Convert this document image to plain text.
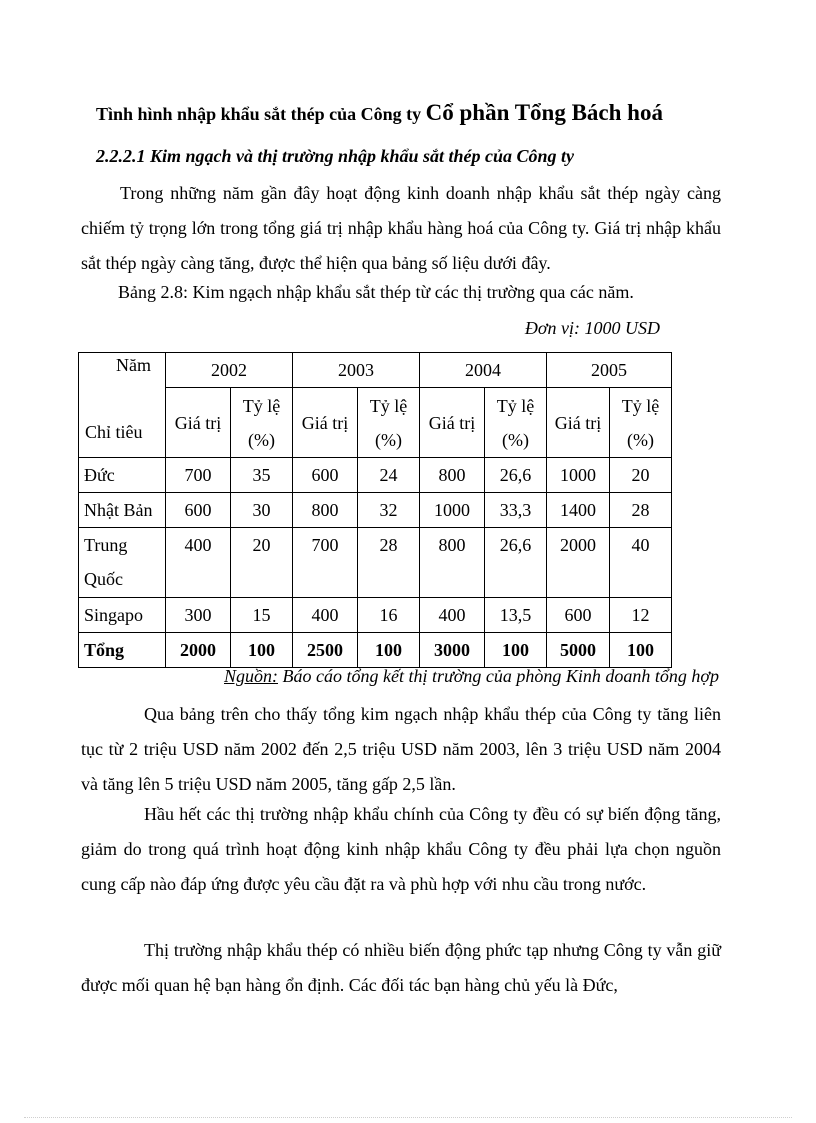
Tình hình nhập khẩu sắt thép của Công ty Cổ phần Tổng Bách hoá
2.2.2.1 Kim ngạch và thị trường nhập khẩu sắt thép của Công ty

Trong những năm gần đây hoạt động kinh doanh nhập khẩu sắt thép ngày càng chiếm tỷ trọng lớn trong tổng giá trị nhập khẩu hàng hoá của Công ty. Giá trị nhập khẩu sắt thép ngày càng tăng, được thể hiện qua bảng số liệu dưới đây.

Bảng 2.8: Kim ngạch nhập khẩu sắt thép từ các thị trường qua các năm.
Đơn vị: 1000 USD
Năm
Chỉ tiêu	2002		2003		2004		2005	
	Giá trị	Tỷ lệ (%)	Giá trị	Tỷ lệ (%)	Giá trị	Tỷ lệ (%)	Giá trị	Tỷ lệ (%)
Đức	700	35	600	24	800	26,6	1000	20
Nhật Bản	600	30	800	32	1000	33,3	1400	28
Trung Quốc	400	20	700	28	800	26,6	2000	40
Singapo	300	15	400	16	400	13,5	600	12
Tổng	2000	100	2500	100	3000	100	5000	100
Nguồn: Báo cáo tổng kết thị trường của phòng Kinh doanh tổng hợp

Qua bảng trên cho thấy tổng kim ngạch nhập khẩu thép của Công ty tăng liên tục từ 2 triệu USD năm 2002 đến 2,5 triệu USD năm 2003, lên 3 triệu USD năm 2004 và tăng lên 5 triệu USD năm 2005, tăng gấp 2,5 lần.

Hầu hết các thị trường nhập khẩu chính của Công ty đều có sự biến động tăng, giảm do trong quá trình hoạt động kinh nhập khẩu Công ty đều phải lựa chọn nguồn cung cấp nào đáp ứng được yêu cầu đặt ra và phù hợp với nhu cầu trong nước.

Thị trường nhập khẩu thép có nhiều biến động phức tạp nhưng Công ty vẫn giữ được mối quan hệ bạn hàng ổn định. Các đối tác bạn hàng chủ yếu là Đức,
